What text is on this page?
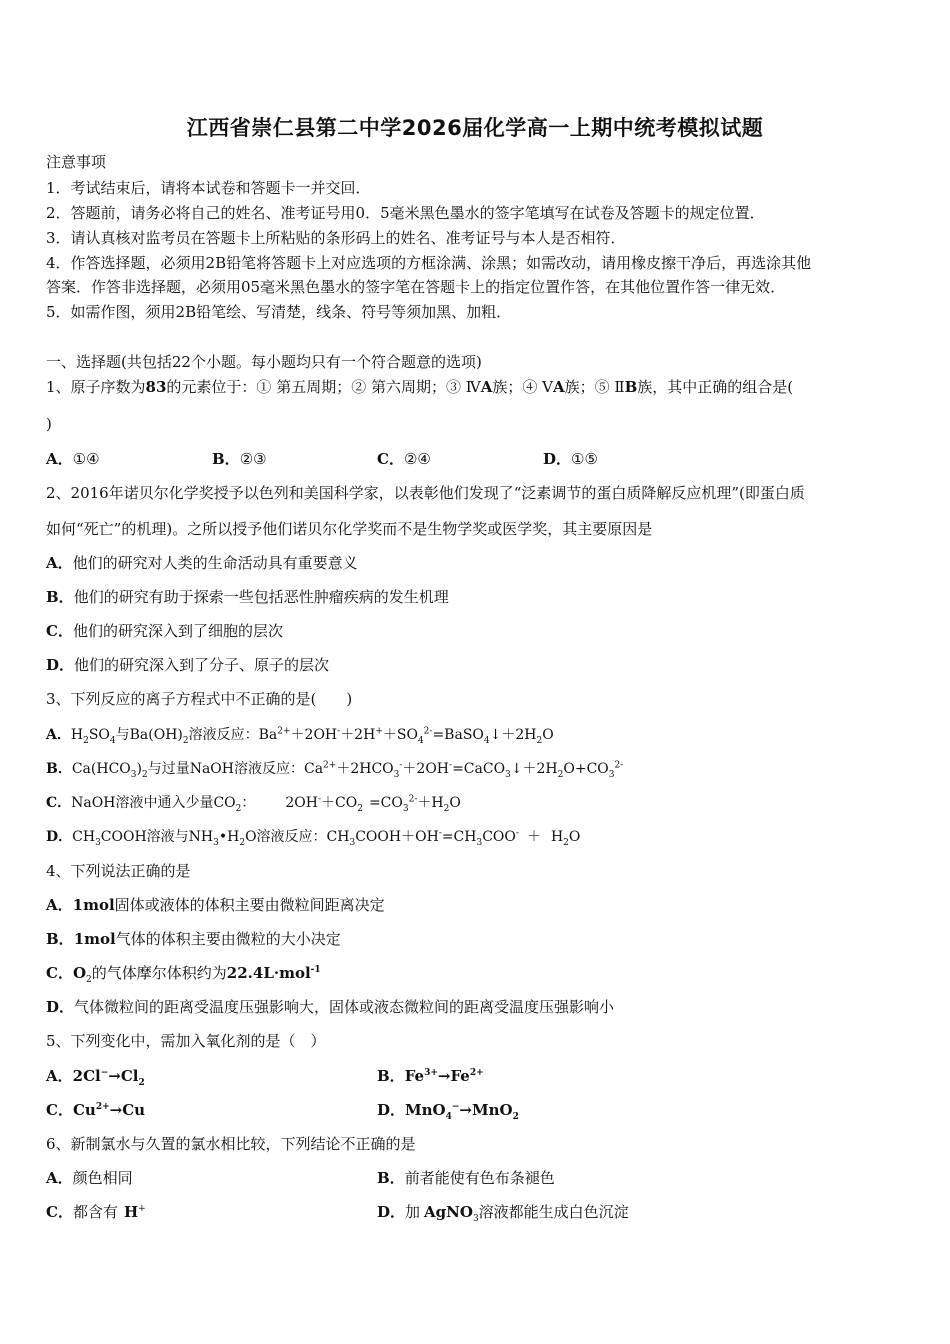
江西省崇仁县第二中学2026届化学高一上期中统考模拟试题
注意事项
1．考试结束后，请将本试卷和答题卡一并交回．
2．答题前，请务必将自己的姓名、准考证号用0．5毫米黑色墨水的签字笔填写在试卷及答题卡的规定位置．
3．请认真核对监考员在答题卡上所粘贴的条形码上的姓名、准考证号与本人是否相符．
4．作答选择题，必须用2B铅笔将答题卡上对应选项的方框涂满、涂黑；如需改动，请用橡皮擦干净后，再选涂其他
答案．作答非选择题，必须用05毫米黑色墨水的签字笔在答题卡上的指定位置作答，在其他位置作答一律无效．
5．如需作图，须用2B铅笔绘、写清楚，线条、符号等须加黑、加粗．
一、选择题(共包括22个小题。每小题均只有一个符合题意的选项)
1、原子序数为83的元素位于：① 第五周期；② 第六周期；③ ⅣA族；④ ⅤA族；⑤ ⅡB族，其中正确的组合是(
)
A．①④	B．②③	C．②④	D．①⑤
2、2016年诺贝尔化学奖授予以色列和美国科学家，以表彰他们发现了“泛素调节的蛋白质降解反应机理”(即蛋白质
如何“死亡”的机理)。之所以授予他们诺贝尔化学奖而不是生物学奖或医学奖，其主要原因是
A．他们的研究对人类的生命活动具有重要意义
B．他们的研究有助于探索一些包括恶性肿瘤疾病的发生机理
C．他们的研究深入到了细胞的层次
D．他们的研究深入到了分子、原子的层次
3、下列反应的离子方程式中不正确的是(　　)
A．$H_2SO_4$与$Ba(OH)_2$溶液反应：$Ba^{2+}+2OH^-+2H^++SO_4^{2-}=BaSO_4↓+2H_2O$
B．$Ca(HCO_3)_2$与过量NaOH溶液反应：$Ca^{2+}+2HCO_3^-+2OH^-=CaCO_3↓+2H_2O+CO_3^{2-}$
C．NaOH溶液中通入少量$CO_2$： $2OH^-+CO_2 =CO_3^{2-}+H_2O$
D．$CH_3COOH$溶液与$NH_3•H_2O$溶液反应：$CH_3COOH+OH^-=CH_3COO^- + H_2O$
4、下列说法正确的是
A．1mol固体或液体的体积主要由微粒间距离决定
B．1mol气体的体积主要由微粒的大小决定
C．$O_2$的气体摩尔体积约为22.4L·mol$^{-1}$
D．气体微粒间的距离受温度压强影响大，固体或液态微粒间的距离受温度压强影响小
5、下列变化中，需加入氧化剂的是（　）
A．$2Cl^-\to Cl_2$	B．$Fe^{3+}\to Fe^{2+}$
C．$Cu^{2+}\to Cu$	D．MnO$_4$−→MnO$_2$
6、新制氯水与久置的氯水相比较，下列结论不正确的是
A．颜色相同	B．前者能使有色布条褪色
C．都含有 H+	D．加 AgNO$_3$溶液都能生成白色沉淀
